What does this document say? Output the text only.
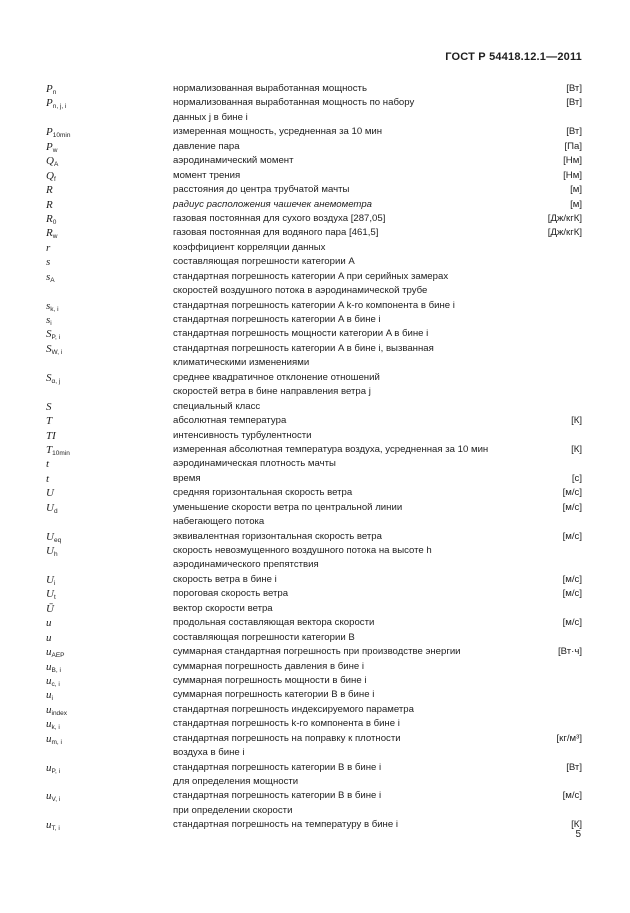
ГОСТ Р 54418.12.1—2011
$P_n$	нормализованная выработанная мощность	[Вт]
$P_{n, j, i}$	нормализованная выработанная мощность по набору	[Вт]
данных j в бине i
$P_{10min}$	измеренная мощность, усредненная за 10 мин	[Вт]
$P_w$	давление пара	[Па]
$Q_A$	аэродинамический момент	[Нм]
$Q_f$	момент трения	[Нм]
R	расстояния до центра трубчатой мачты	[м]
R	радиус расположения чашечек анемометра	[м]
$R_0$	газовая постоянная для сухого воздуха [287,05]	[Дж/кгК]
$R_w$	газовая постоянная для водяного пара [461,5]	[Дж/кгК]
r	коэффициент корреляции данных
s	составляющая погрешности категории A
$s_A$	стандартная погрешность категории A при серийных замерах
скоростей воздушного потока в аэродинамической трубе
$s_{k, i}$	стандартная погрешность категории A k-го компонента в бине i
$s_i$	стандартная погрешность категории A в бине i
$S_{P, i}$	стандартная погрешность мощности категории A в бине i
$S_{W, i}$	стандартная погрешность категории A в бине i, вызванная
климатическими изменениями
$S_{\alpha, j}$	среднее квадратичное отклонение отношений
скоростей ветра в бине направления ветра j
S	специальный класс
T	абсолютная температура	[К]
TI	интенсивность турбулентности
$T_{10min}$	измеренная абсолютная температура воздуха, усредненная за 10 мин	[К]
t	аэродинамическая плотность мачты
t	время	[с]
U	средняя горизонтальная скорость ветра	[м/с]
$U_d$	уменьшение скорости ветра по центральной линии	[м/с]
набегающего потока
$U_{eq}$	эквивалентная горизонтальная скорость ветра	[м/с]
$U_h$	скорость невозмущенного воздушного потока на высоте h
аэродинамического препятствия
$U_i$	скорость ветра в бине i	[м/с]
$U_t$	пороговая скорость ветра	[м/с]
Ū	вектор скорости ветра
u	продольная составляющая вектора скорости	[м/с]
u	составляющая погрешности категории В
$u_{AEP}$	суммарная стандартная погрешность при производстве энергии	[Вт·ч]
$u_{B, i}$	суммарная погрешность давления в бине i
$u_{c, i}$	суммарная погрешность мощности в бине i
$u_i$	суммарная погрешность категории В в бине i
$u_{index}$	стандартная погрешность индексируемого параметра
$u_{k, i}$	стандартная погрешность k-го компонента в бине i
$u_{m, i}$	стандартная погрешность на поправку к плотности	[кг/м³]
воздуха в бине i
$u_{P, i}$	стандартная погрешность категории В в бине i	[Вт]
для определения мощности
$u_{V, i}$	стандартная погрешность категории В в бине i	[м/с]
при определении скорости
$u_{T, i}$	стандартная погрешность на температуру в бине i	[К]
5
